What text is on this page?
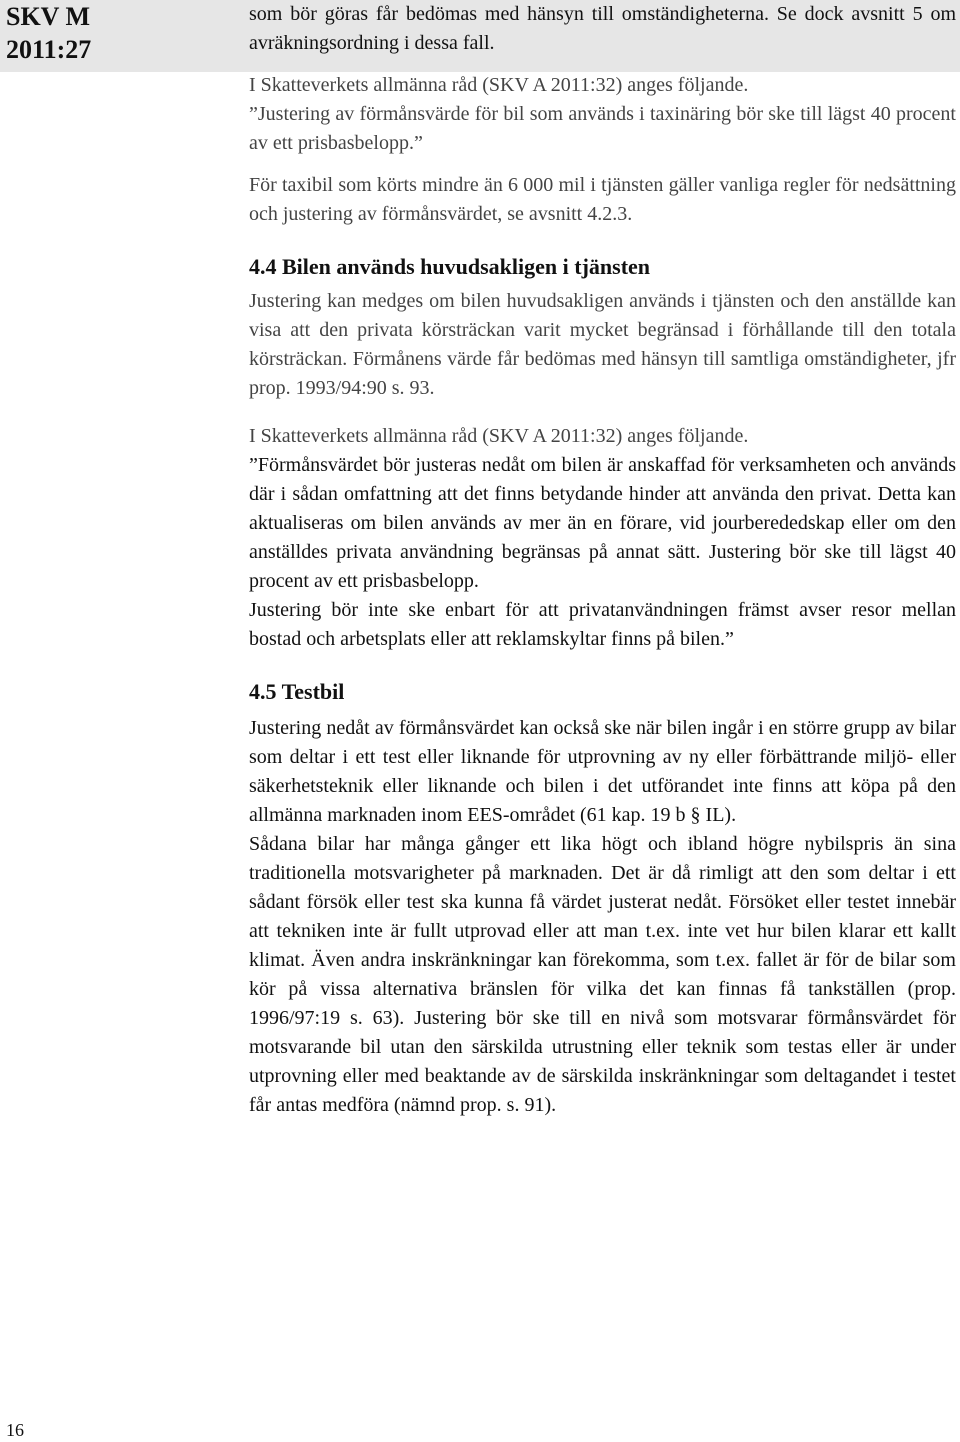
SKV M
2011:27

som bör göras får bedömas med hänsyn till omständigheterna. Se dock avsnitt 5 om avräkningsordning i dessa fall.

I Skatteverkets allmänna råd (SKV A 2011:32) anges följande.

”Justering av förmånsvärde för bil som används i taxinäring bör ske till lägst 40 procent av ett prisbasbelopp.”

För taxibil som körts mindre än 6 000 mil i tjänsten gäller vanliga regler för nedsättning och justering av förmånsvärdet, se avsnitt 4.2.3.

4.4 Bilen används huvudsakligen i tjänsten

Justering kan medges om bilen huvudsakligen används i tjänsten och den anställde kan visa att den privata körsträckan varit mycket begränsad i förhållande till den totala körsträckan. Förmånens värde får bedömas med hänsyn till samtliga omständigheter, jfr prop. 1993/94:90 s. 93.

I Skatteverkets allmänna råd (SKV A 2011:32) anges följande.

”Förmånsvärdet bör justeras nedåt om bilen är anskaffad för verksamheten och används där i sådan omfattning att det finns betydande hinder att använda den privat. Detta kan aktualiseras om bilen används av mer än en förare, vid jourberededskap eller om den anställdes privata användning begränsas på annat sätt. Justering bör ske till lägst 40 procent av ett prisbasbelopp.

Justering bör inte ske enbart för att privatanvändningen främst avser resor mellan bostad och arbetsplats eller att reklamskyltar finns på bilen.”

4.5 Testbil

Justering nedåt av förmånsvärdet kan också ske när bilen ingår i en större grupp av bilar som deltar i ett test eller liknande för utprovning av ny eller förbättrande miljö- eller säkerhetsteknik eller liknande och bilen i det utförandet inte finns att köpa på den allmänna marknaden inom EES-området (61 kap. 19 b § IL).

Sådana bilar har många gånger ett lika högt och ibland högre nybilspris än sina traditionella motsvarigheter på marknaden. Det är då rimligt att den som deltar i ett sådant försök eller test ska kunna få värdet justerat nedåt. Försöket eller testet innebär att tekniken inte är fullt utprovad eller att man t.ex. inte vet hur bilen klarar ett kallt klimat. Även andra inskränkningar kan förekomma, som t.ex. fallet är för de bilar som kör på vissa alternativa bränslen för vilka det kan finnas få tankställen (prop. 1996/97:19 s. 63). Justering bör ske till en nivå som motsvarar förmånsvärdet för motsvarande bil utan den särskilda utrustning eller teknik som testas eller är under utprovning eller med beaktande av de särskilda inskränkningar som deltagandet i testet får antas medföra (nämnd prop. s. 91).

16
